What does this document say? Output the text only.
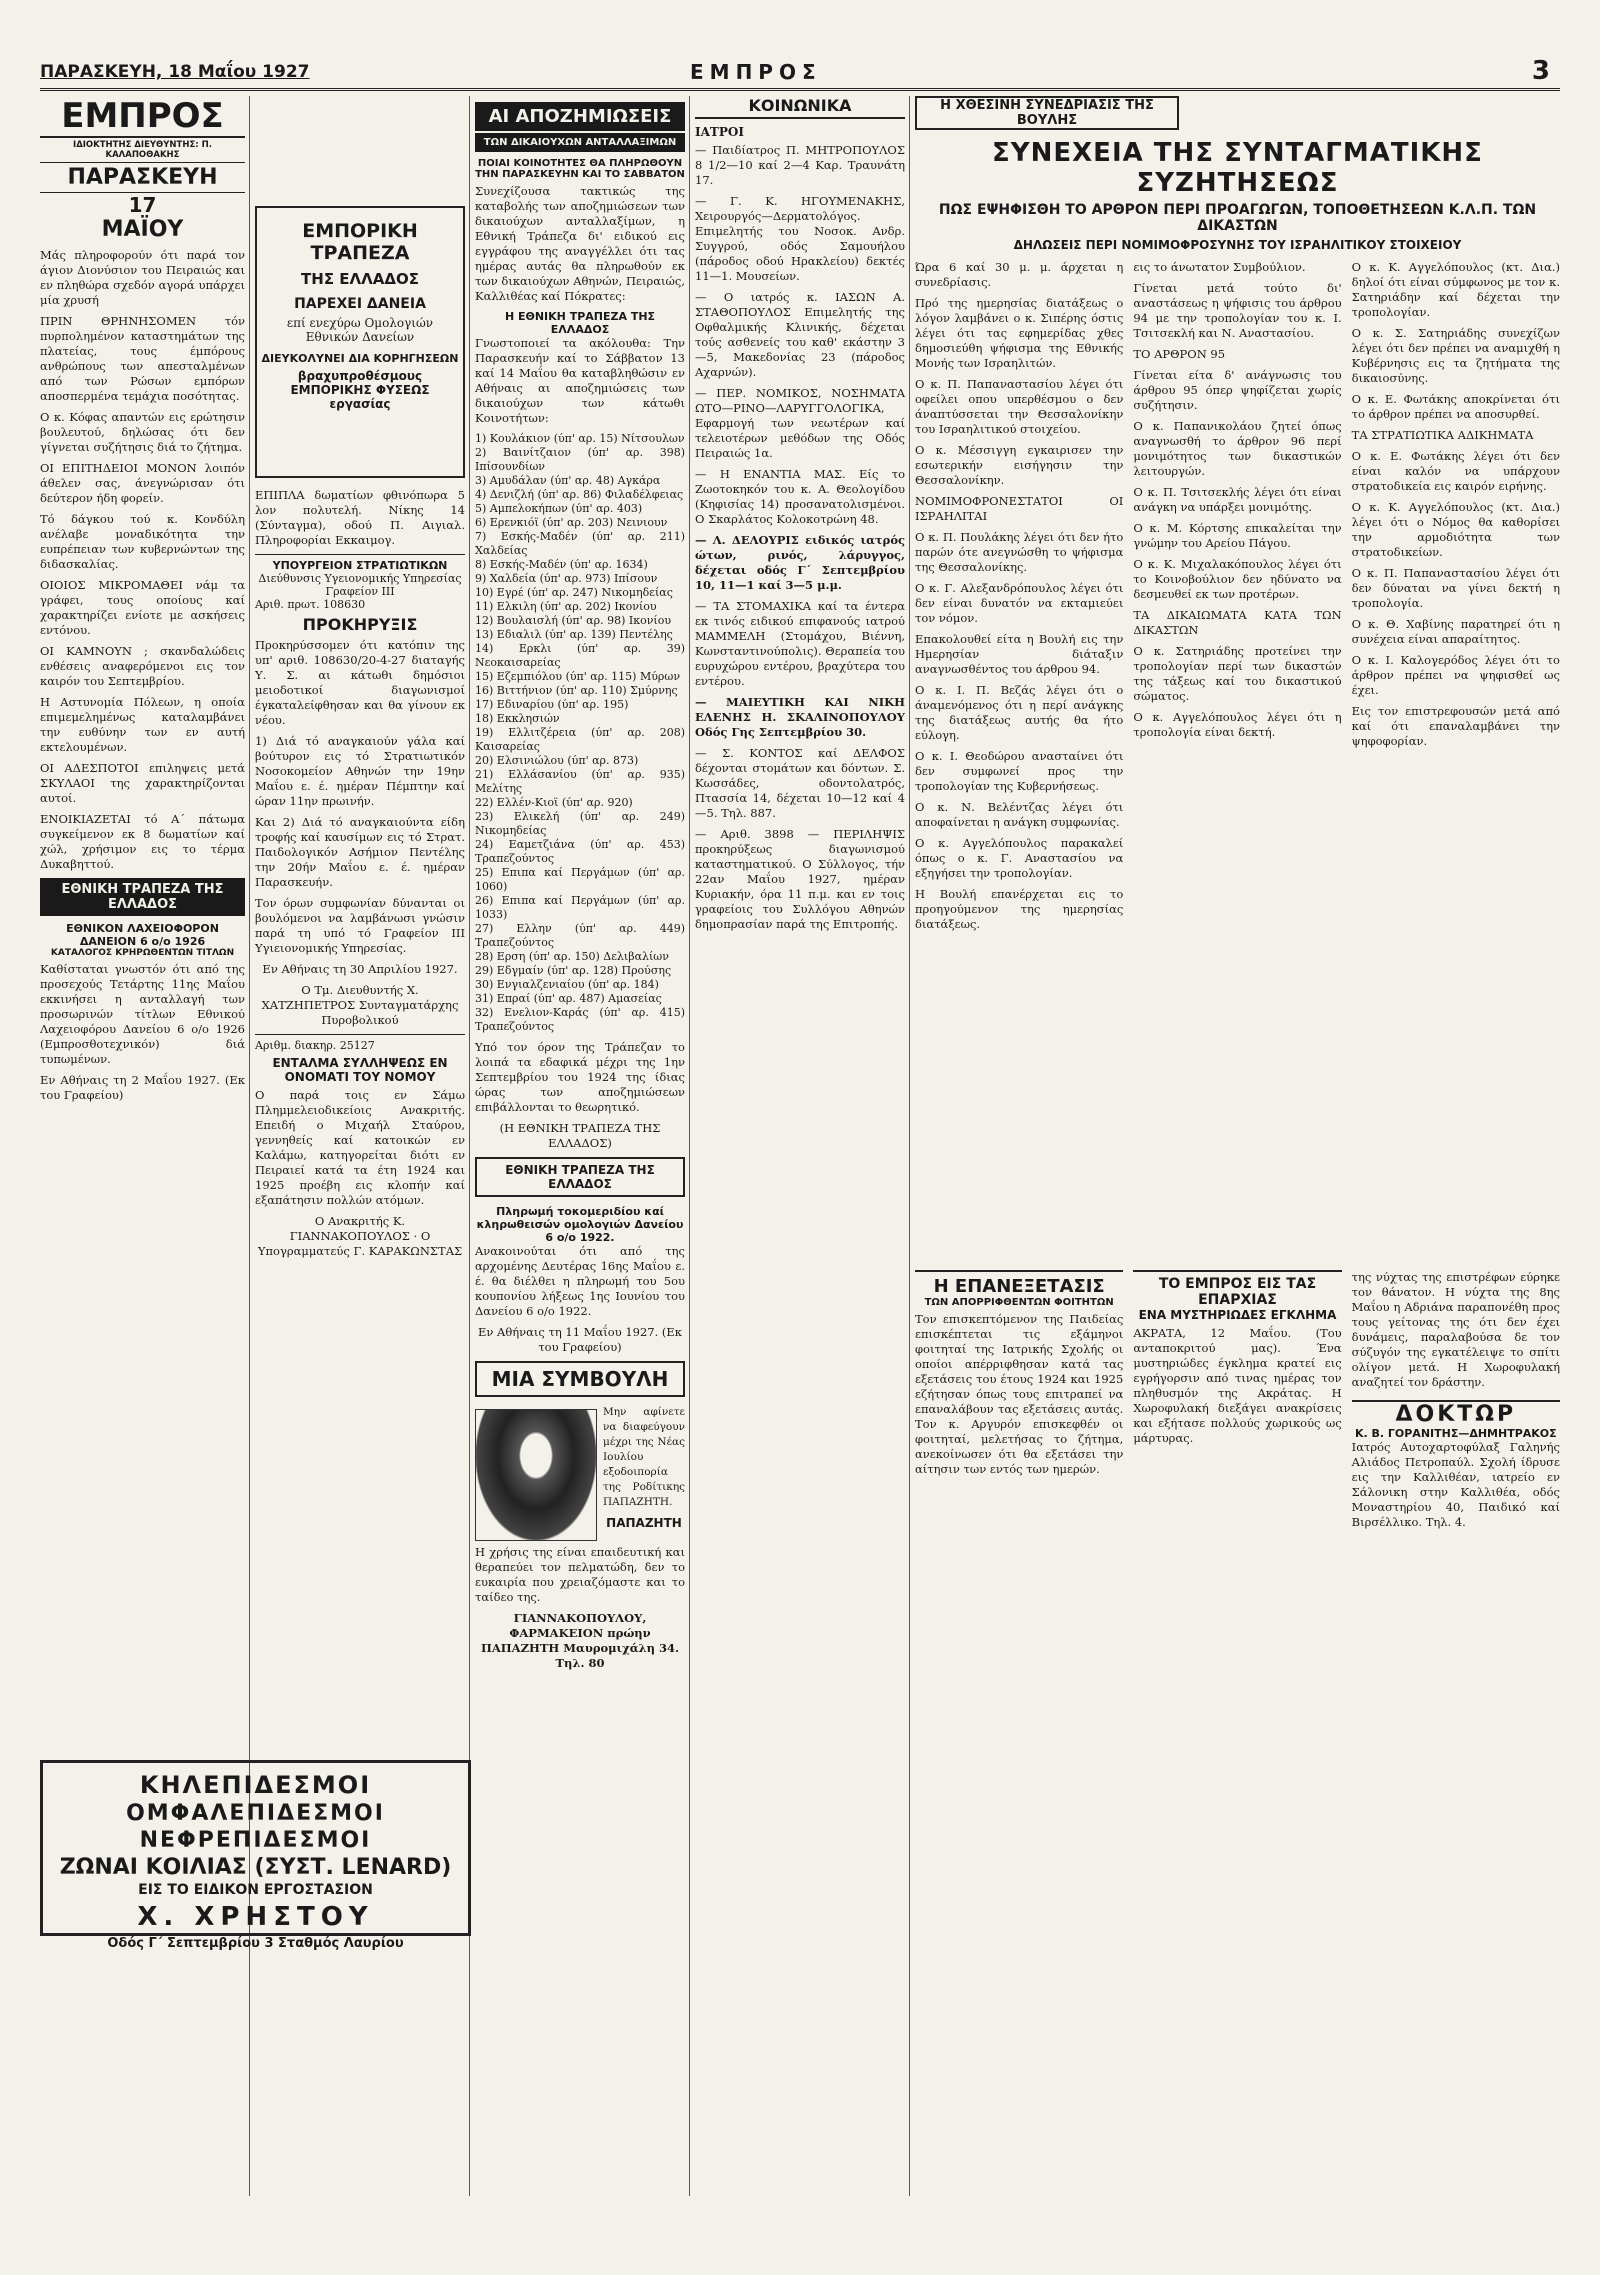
ΠΑΡΑΣΚΕΥΗ, 18 Μαΐου 1927	ΕΜΠΡΟΣ	3
ΕΜΠΡΟΣ
ΙΔΙΟΚΤΗΤΗΣ ΔΙΕΥΘΥΝΤΗΣ: Π. ΚΑΛΑΠΟΘΑΚΗΣ
ΠΑΡΑΣΚΕΥΗ
17
ΜΑΪΟΥ

Μάς πληροφορούν ότι παρά τον άγιον Διονύσιον του Πειραιώς και εν πληθώρα σχεδόν αγορά υπάρχει μία χρυσή

ΠΡΙΝ ΘΡΗΝΗΣΟΜΕΝ τόν πυρπολημένον καταστημάτων της πλατείας, τους έμπόρους ανθρώπους των απεσταλμένων από των Ρώσων εμπόρων αποσπερμένα τεμάχια ποσότητας.

Ο κ. Κόφας απαντών εις ερώτησιν βουλευτού, δηλώσας ότι δεν γίγνεται συζήτησις διά το ζήτημα.

ΟΙ ΕΠΙΤΗΔΕΙΟΙ ΜΟΝΟΝ λοιπόν άθελεν σας, άνεγνώρισαν ότι δεύτερον ήδη φορείν.

Τό δάγκου τού κ. Κονδύλη ανέλαβε μοναδικότητα την ευπρέπειαν των κυβερνώντων της διδασκαλίας.

ΟΙΟΙΟΣ ΜΙΚΡΟΜΑΘΕΙ νάμ τα γράφει, τους οποίους καί χαρακτηρίζει ενίοτε με ασκήσεις εντόνου.

ΟΙ ΚΑΜΝΟΥΝ ; σκανδαλώδεις ενθέσεις αναφερόμενοι εις τον καιρόν του Σεπτεμβρίου.

Η Αστυνομία Πόλεων, η οποία επιμεμελημένως καταλαμβάνει την ευθύνην των εν αυτή εκτελουμένων.

ΟΙ ΑΔΕΣΠΟΤΟΙ επιληψεις μετά ΣΚΥΛΑΟΙ της χαρακτηρίζονται αυτοί.

ΕΝΟΙΚΙΑΖΕΤΑΙ τό Α΄ πάτωμα συγκείμενον εκ 8 δωματίων καί χώλ, χρήσιμον εις το τέρμα Δυκαβηττού.

ΕΘΝΙΚΗ ΤΡΑΠΕΖΑ ΤΗΣ ΕΛΛΑΔΟΣ
ΕΘΝΙΚΟΝ ΛΑΧΕΙΟΦΟΡΟΝ ΔΑΝΕΙΟΝ 6 ο/ο 1926
ΚΑΤΑΛΟΓΟΣ ΚΡΗΡΩΘΕΝΤΩΝ ΤΙΤΛΩΝ

Καθίσταται γνωστόν ότι από της προσεχούς Τετάρτης 11ης Μαΐου εκκινήσει η ανταλλαγή των προσωρινών τίτλων Εθνικού Λαχειοφόρου Δανείου 6 ο/ο 1926 (Εμπροσθοτεχνικόν) διά τυπωμένων.

Εν Αθήναις τη 2 Μαΐου 1927. (Εκ του Γραφείου)

ΕΜΠΟΡΙΚΗ ΤΡΑΠΕΖΑ
ΤΗΣ ΕΛΛΑΔΟΣ
ΠΑΡΕΧΕΙ ΔΑΝΕΙΑ
επί ενεχύρω Ομολογιών Εθνικών Δανείων
ΔΙΕΥΚΟΛΥΝΕΙ ΔΙΑ ΚΟΡΗΓΗΣΕΩΝ
βραχυπροθέσμους ΕΜΠΟΡΙΚΗΣ ΦΥΣΕΩΣ εργασίας

ΕΠΙΠΛΑ δωματίων φθινόπωρα 5 λον πολυτελή. Νίκης 14 (Σύνταγμα), οδού Π. Αιγιαλ. Πληροφορίαι Εκκαιμογ.

ΥΠΟΥΡΓΕΙΟΝ ΣΤΡΑΤΙΩΤΙΚΩΝ
Διεύθυνσις Υγειονομικής Υπηρεσίας Γραφείον III
Αριθ. πρωτ. 108630
ΠΡΟΚΗΡΥΞΙΣ

Προκηρύσσομεν ότι κατόπιν της υπ' αριθ. 108630/20-4-27 διαταγής Υ. Σ. αι κάτωθι δημόσιοι μειοδοτικοί διαγωνισμοί έγκαταλείφθησαν και θα γίνουν εκ νέου.

1) Διά τό αναγκαιούν γάλα καί βούτυρον εις τό Στρατιωτικόν Νοσοκομείον Αθηνών την 19ην Μαΐου ε. έ. ημέραν Πέμπτην καί ώραν 11ην πρωινήν.

Και 2) Διά τό αναγκαιούντα είδη τροφής καί καυσίμων εις τό Στρατ. Παιδολογικόν Ασήμιον Πεντέλης την 20ήν Μαΐου ε. έ. ημέραν Παρασκευήν.

Τον όρων συμφωνίαν δύνανται οι βουλόμενοι να λαμβάνωσι γνώσιν παρά τη υπό τό Γραφείον III Υγιειονομικής Υπηρεσίας.

Εν Αθήναις τη 30 Απριλίου 1927.

Ο Τμ. Διευθυντής Χ. ΧΑΤΖΗΠΕΤΡΟΣ Συνταγματάρχης Πυροβολικού

Αριθμ. διακηρ. 25127
ΕΝΤΑΛΜΑ ΣΥΛΛΗΨΕΩΣ ΕΝ ΟΝΟΜΑΤΙ ΤΟΥ ΝΟΜΟΥ

Ο παρά τοις εν Σάμω Πλημμελειοδικείοις Ανακριτής. Επειδή ο Μιχαήλ Σταύρου, γεννηθείς καί κατοικών εν Καλάμω, κατηγορείται διότι εν Πειραιεί κατά τα έτη 1924 και 1925 προέβη εις κλοπήν καί εξαπάτησιν πολλών ατόμων.

Ο Ανακριτής Κ. ΓΙΑΝΝΑΚΟΠΟΥΛΟΣ · Ο Υπογραμματεύς Γ. ΚΑΡΑΚΩΝΣΤΑΣ

ΑΙ ΑΠΟΖΗΜΙΩΣΕΙΣ
ΤΩΝ ΔΙΚΑΙΟΥΧΩΝ ΑΝΤΑΛΛΑΞΙΜΩΝ
ΠΟΙΑΙ ΚΟΙΝΟΤΗΤΕΣ ΘΑ ΠΛΗΡΩΘΟΥΝ ΤΗΝ ΠΑΡΑΣΚΕΥΗΝ ΚΑΙ ΤΟ ΣΑΒΒΑΤΟΝ

Συνεχίζουσα τακτικώς της καταβολής των αποζημιώσεων των δικαιούχων ανταλλαξίμων, η Εθνική Τράπεζα δι' ειδικού εις εγγράφου της αναγγέλλει ότι τας ημέρας αυτάς θα πληρωθούν εκ των δικαιούχων Αθηνών, Πειραιώς, Καλλιθέας καί Πόκρατες:

Η ΕΘΝΙΚΗ ΤΡΑΠΕΖΑ ΤΗΣ ΕΛΛΑΔΟΣ

Γνωστοποιεί τα ακόλουθα: Την Παρασκευήν καί το Σάββατον 13 καί 14 Μαΐου θα καταβληθώσιν εν Αθήναις αι αποζημιώσεις των δικαιούχων των κάτωθι Κοινοτήτων:

1) Κουλάκιον (ύπ' αρ. 15) Νίτσουλων

2) Βαινίτζαιον (ύπ' αρ. 398) Ιπίσουνδίων

3) Αμυδάλαν (ύπ' αρ. 48) Αγκάρα

4) Δενιζλή (ύπ' αρ. 86) Φιλαδέλφειας

5) Αμπελοκήπων (ύπ' αρ. 403)

6) Ερενκιόϊ (ύπ' αρ. 203) Νεινιουν

7) Εσκής-Μαδέν (ύπ' αρ. 211) Χαλδείας

8) Εσκής-Μαδέν (ύπ' αρ. 1634)

9) Χαλδεία (ύπ' αρ. 973) Ιπίσουν

10) Εγρέ (ύπ' αρ. 247) Νικομηδείας

11) Ελκιλη (ύπ' αρ. 202) Ικονίου

12) Βουλαισλή (ύπ' αρ. 98) Ικονίου

13) Εδιαλιλ (ύπ' αρ. 139) Πεντέλης

14) Ερκλι (ύπ' αρ. 39) Νεοκαισαρείας

15) Εζεμπιόλου (ύπ' αρ. 115) Μύρων

16) Βιττήνιον (ύπ' αρ. 110) Σμύρνης

17) Εδιναρίου (ύπ' αρ. 195)

18) Εκκλησιών

19) Ελλιτζέρεια (ύπ' αρ. 208) Καισαρείας

20) Ελσινιώλου (ύπ' αρ. 873)

21) Ελλάσανίου (ύπ' αρ. 935) Μελίτης

22) Ελλέν-Κιοϊ (ύπ' αρ. 920)

23) Ελικελή (ύπ' αρ. 249) Νικομηδείας

24) Εαμετζιάνα (ύπ' αρ. 453) Τραπεζούντος

25) Επιπα καί Περγάμων (ύπ' αρ. 1060)

26) Επιπα καί Περγάμων (ύπ' αρ. 1033)

27) Ελλην (ύπ' αρ. 449) Τραπεζούντος

28) Ερση (ύπ' αρ. 150) Δελιβαλίων

29) Εδγμαίν (ύπ' αρ. 128) Προύσης

30) Ενγιαλζενιαίου (ύπ' αρ. 184)

31) Επραί (ύπ' αρ. 487) Αμασείας

32) Ενελιον-Καράς (ύπ' αρ. 415) Τραπεζούντος

Υπό τον όρον της Τράπεζαν το λοιπά τα εδαφικά μέχρι της 1ην Σεπτεμβρίου του 1924 της ίδιας ώρας των αποζημιώσεων επιβάλλονται το θεωρητικό.

(Η ΕΘΝΙΚΗ ΤΡΑΠΕΖΑ ΤΗΣ ΕΛΛΑΔΟΣ)

ΕΘΝΙΚΗ ΤΡΑΠΕΖΑ ΤΗΣ ΕΛΛΑΔΟΣ
Πληρωμή τοκομεριδίου καί κληρωθεισών ομολογιών Δανείου 6 ο/ο 1922.

Ανακοινούται ότι από της αρχομένης Δευτέρας 16ης Μαΐου ε. έ. θα διέλθει η πληρωμή του 5ου κουπονίου λήξεως 1ης Ιουνίου του Δανείου 6 ο/ο 1922.

Εν Αθήναις τη 11 Μαΐου 1927. (Εκ του Γραφείου)

ΜΙΑ ΣΥΜΒΟΥΛΗ

Μην αφίνετε να διαφεύγουν μέχρι της Νέας Ιουλίου εξοδοιπορία της Ροδίτικης ΠΑΠΑΖΗΤΗ.

ΠΑΠΑΖΗΤΗ

Η χρήσις της είναι επαιδευτική και θεραπεύει τον πελματώδη, δεν το ευκαιρία που χρειαζόμαστε και το ταίδεο της.

ΓΙΑΝΝΑΚΟΠΟΥΛΟΥ, ΦΑΡΜΑΚΕΙΟΝ πρώην ΠΑΠΑΖΗΤΗ Μαυρομιχάλη 34. Τηλ. 80

ΚΟΙΝΩΝΙΚΑ
ΙΑΤΡΟΙ

— Παιδίατρος Π. ΜΗΤΡΟΠΟΥΛΟΣ 8 1/2—10 καί 2—4 Καρ. Τραυνάτη 17.

— Γ. Κ. ΗΓΟΥΜΕΝΑΚΗΣ, Χειρουργός—Δερματολόγος. Επιμελητής του Νοσοκ. Ανδρ. Συγγρού, οδός Σαμουήλου (πάροδος οδού Ηρακλείου) δεκτές 11—1. Μουσείων.

— Ο ιατρός κ. ΙΑΣΩΝ Α. ΣΤΑΘΟΠΟΥΛΟΣ Επιμελητής της Οφθαλμικής Κλινικής, δέχεται τούς ασθενείς του καθ' εκάστην 3—5, Μακεδονίας 23 (πάροδος Αχαρνών).

— ΠΕΡ. ΝΟΜΙΚΟΣ, ΝΟΣΗΜΑΤΑ ΩΤΟ—ΡΙΝΟ—ΛΑΡΥΓΓΟΛΟΓΙΚΑ, Εφαρμογή των νεωτέρων καί τελειοτέρων μεθόδων της Οδός Πειραιώς 1α.

— Η ΕΝΑΝΤΙΑ ΜΑΣ. Είς το Ζωοτοκηκόν του κ. Α. Θεολογίδου (Κηφισίας 14) προσανατολισμένοι. Ο Σκαρλάτος Κολοκοτρώνη 48.

— Λ. ΔΕΛΟΥΡΙΣ ειδικός ιατρός ώτων, ρινός, λάρυγγος, δέχεται οδός Γ΄ Σεπτεμβρίου 10, 11—1 καί 3—5 μ.μ.

— ΤΑ ΣΤΟΜΑΧΙΚΑ καί τα έντερα εκ τινός ειδικού επιφανούς ιατρού ΜΑΜΜΕΛΗ (Στομάχου, Βιέννη, Κωνσταντινούπολις). Θεραπεία του ευρυχώρου εντέρου, βραχύτερα του εντέρου.

— ΜΑΙΕΥΤΙΚΗ ΚΑΙ ΝΙΚΗ ΕΛΕΝΗΣ Η. ΣΚΑΛΙΝΟΠΟΥΛΟΥ Οδός Γης Σεπτεμβρίου 30.

— Σ. ΚΟΝΤΟΣ καί ΔΕΛΦΟΣ δέχονται στομάτων και δόντων. Σ. Κωσσάδες, οδοντολατρός, Πτασσία 14, δέχεται 10—12 καί 4—5. Τηλ. 887.

— Αριθ. 3898 — ΠΕΡΙΛΗΨΙΣ προκηρύξεως διαγωνισμού καταστηματικού. Ο Σύλλογος, τήν 22αν Μαΐου 1927, ημέραν Κυριακήν, όρα 11 π.μ. και εν τοις γραφείοις του Συλλόγου Αθηνών δημοπρασίαν παρά της Επιτροπής.

Η ΧΘΕΣΙΝΗ ΣΥΝΕΔΡΙΑΣΙΣ ΤΗΣ ΒΟΥΛΗΣ
ΣΥΝΕΧΕΙΑ ΤΗΣ ΣΥΝΤΑΓΜΑΤΙΚΗΣ ΣΥΖΗΤΗΣΕΩΣ
ΠΩΣ ΕΨΗΦΙΣΘΗ ΤΟ ΑΡΘΡΟΝ ΠΕΡΙ ΠΡΟΑΓΩΓΩΝ, ΤΟΠΟΘΕΤΗΣΕΩΝ Κ.Λ.Π. ΤΩΝ ΔΙΚΑΣΤΩΝ
ΔΗΛΩΣΕΙΣ ΠΕΡΙ ΝΟΜΙΜΟΦΡΟΣΥΝΗΣ ΤΟΥ ΙΣΡΑΗΛΙΤΙΚΟΥ ΣΤΟΙΧΕΙΟΥ

Ώρα 6 καί 30 μ. μ. άρχεται η συνεδρίασις.

Πρό της ημερησίας διατάξεως ο λόγον λαμβάνει ο κ. Σιπέρης όστις λέγει ότι τας εφημερίδας χθες δημοσιεύθη ψήφισμα της Εθνικής Μονής των Ισραηλιτών.

Ο κ. Π. Παπαναστασίου λέγει ότι οφείλει οπου υπερθέσμου ο δεν άναπτύσσεται την Θεσσαλονίκην του Ισραηλιτικού στοιχείου.

Ο κ. Μέσσιγγη εγκαιρισεν την εσωτερικήν εισήγησιν την Θεσσαλονίκην.

ΝΟΜΙΜΟΦΡΟΝΕΣΤΑΤΟΙ ΟΙ ΙΣΡΑΗΛΙΤΑΙ

Ο κ. Π. Πουλάκης λέγει ότι δεν ήτο παρών ότε ανεγνώσθη το ψήφισμα της Θεσσαλονίκης.

Ο κ. Γ. Αλεξανδρόπουλος λέγει ότι δεν είναι δυνατόν να εκταμιεύει τον νόμον.

Επακολουθεί είτα η Βουλή εις την Ημερησίαν διάταξιν αναγνωσθέντος του άρθρου 94.

Ο κ. Ι. Π. Βεζάς λέγει ότι ο άναμενόμενος ότι η περί ανάγκης της διατάξεως αυτής θα ήτο εύλογη.

Ο κ. Ι. Θεοδώρου ανασταίνει ότι δεν συμφωνεί προς την τροπολογίαν της Κυβερνήσεως.

Ο κ. Ν. Βελέντζας λέγει ότι αποφαίνεται η ανάγκη συμφωνίας.

Ο κ. Αγγελόπουλος παρακαλεί όπως ο κ. Γ. Αναστασίου να εξηγήσει την τροπολογίαν.

Η Βουλή επανέρχεται εις το προηγούμενον της ημερησίας διατάξεως.

εις το άνωτατον Συμβούλιον.

Γίνεται μετά τούτο δι' αναστάσεως η ψήφισις του άρθρου 94 με την τροπολογίαν του κ. Ι. Τσιτσεκλή και Ν. Αναστασίου.

ΤΟ ΑΡΘΡΟΝ 95

Γίνεται είτα δ' ανάγνωσις του άρθρου 95 όπερ ψηφίζεται χωρίς συζήτησιν.

Ο κ. Παπανικολάου ζητεί όπως αναγνωσθή το άρθρον 96 περί μονιμότητος των δικαστικών λειτουργών.

Ο κ. Π. Τσιτσεκλής λέγει ότι είναι ανάγκη να υπάρξει μονιμότης.

Ο κ. Μ. Κόρτσης επικαλείται την γνώμην του Αρείου Πάγου.

Ο κ. Κ. Μιχαλακόπουλος λέγει ότι το Κοινοβούλιον δεν ηδύνατο να δεσμευθεί εκ των προτέρων.

ΤΑ ΔΙΚΑΙΩΜΑΤΑ ΚΑΤΑ ΤΩΝ ΔΙΚΑΣΤΩΝ

Ο κ. Σατηριάδης προτείνει την τροπολογίαν περί των δικαστών της τάξεως καί του δικαστικού σώματος.

Ο κ. Αγγελόπουλος λέγει ότι η τροπολογία είναι δεκτή.

Ο κ. Κ. Αγγελόπουλος (κτ. Δια.) δηλοί ότι είναι σύμφωνος με τον κ. Σατηριάδην καί δέχεται την τροπολογίαν.

Ο κ. Σ. Σατηριάδης συνεχίζων λέγει ότι δεν πρέπει να αναμιχθή η Κυβέρνησις εις τα ζητήματα της δικαιοσύνης.

Ο κ. Ε. Φωτάκης αποκρίνεται ότι το άρθρον πρέπει να αποσυρθεί.

ΤΑ ΣΤΡΑΤΙΩΤΙΚΑ ΑΔΙΚΗΜΑΤΑ

Ο κ. Ε. Φωτάκης λέγει ότι δεν είναι καλόν να υπάρχουν στρατοδικεία εις καιρόν ειρήνης.

Ο κ. Κ. Αγγελόπουλος (κτ. Δια.) λέγει ότι ο Νόμος θα καθορίσει την αρμοδιότητα των στρατοδικείων.

Ο κ. Π. Παπαναστασίου λέγει ότι δεν δύναται να γίνει δεκτή η τροπολογία.

Ο κ. Θ. Χαβίνης παρατηρεί ότι η συνέχεια είναι απαραίτητος.

Ο κ. Ι. Καλογερόδος λέγει ότι το άρθρον πρέπει να ψηφισθεί ως έχει.

Εις τον επιστρεφουσών μετά από καί ότι επαναλαμβάνει την ψηφοφορίαν.

Η ΕΠΑΝΕΞΕΤΑΣΙΣ
ΤΩΝ ΑΠΟΡΡΙΦΘΕΝΤΩΝ ΦΟΙΤΗΤΩΝ

Τον επισκεπτόμενον της Παιδείας επισκέπτεται τις εξάμηνοι φοιτηταί της Ιατρικής Σχολής οι οποίοι απέρριφθησαν κατά τας εξετάσεις του έτους 1924 και 1925 εζήτησαν όπως τους επιτραπεί να επαναλάβουν τας εξετάσεις αυτάς. Τον κ. Αργυρόν επισκεφθέν οι φοιτηταί, μελετήσας το ζήτημα, ανεκοίνωσεν ότι θα εξετάσει την αίτησιν των εντός των ημερών.

ΤΟ ΕΜΠΡΟΣ ΕΙΣ ΤΑΣ ΕΠΑΡΧΙΑΣ
ΕΝΑ ΜΥΣΤΗΡΙΩΔΕΣ ΕΓΚΛΗΜΑ

ΑΚΡΑΤΑ, 12 Μαΐου. (Του ανταποκριτού μας). Ένα μυστηριώδες έγκλημα κρατεί εις εγρήγορσιν από τινας ημέρας τον πληθυσμόν της Ακράτας. Η Χωροφυλακή διεξάγει ανακρίσεις και εξήτασε πολλούς χωρικούς ως μάρτυρας.

της νύχτας της επιστρέφων εύρηκε τον θάνατον. Η νύχτα της 8ης Μαΐου η Αδριάνα παραπονέθη προς τους γείτονας της ότι δεν έχει δυνάμεις, παραλαβούσα δε τον σύζυγόν της εγκατέλειψε το σπίτι ολίγον μετά. Η Χωροφυλακή αναζητεί τον δράστην.

ΔΟΚΤΩΡ
Κ. Β. ΓΟΡΑΝΙΤΗΣ—ΔΗΜΗΤΡΑΚΟΣ

Ιατρός Αυτοχαρτοφύλαξ Γαληνής Αλιάδος Πετροπαύλ. Σχολή ίδρυσε εις την Καλλιθέαν, ιατρείο εν Σάλονικη στην Καλλιθέα, οδός Μοναστηρίου 40, Παιδικό καί Βιρσέλλικο. Τηλ. 4.

ΚΗΛΕΠΙΔΕΣΜΟΙ
ΟΜΦΑΛΕΠΙΔΕΣΜΟΙ
ΝΕΦΡΕΠΙΔΕΣΜΟΙ
ΖΩΝΑΙ ΚΟΙΛΙΑΣ (ΣΥΣΤ. LENARD)
ΕΙΣ ΤΟ ΕΙΔΙΚΟΝ ΕΡΓΟΣΤΑΣΙΟΝ
Χ. ΧΡΗΣΤΟΥ
Οδός Γ΄ Σεπτεμβρίου 3 Σταθμός Λαυρίου
